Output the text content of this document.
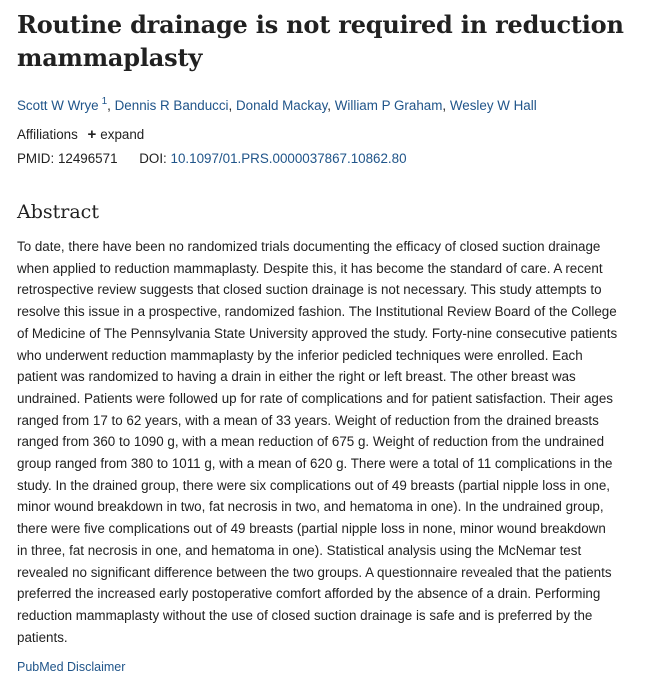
Routine drainage is not required in reduction mammaplasty
Scott W Wrye $^1$, Dennis R Banducci, Donald Mackay, William P Graham, Wesley W Hall
Affiliations + expand
PMID: 12496571 DOI: 10.1097/01.PRS.0000037867.10862.80
Abstract
To date, there have been no randomized trials documenting the efficacy of closed suction drainage
when applied to reduction mammaplasty. Despite this, it has become the standard of care. A recent
retrospective review suggests that closed suction drainage is not necessary. This study attempts to
resolve this issue in a prospective, randomized fashion. The Institutional Review Board of the College
of Medicine of The Pennsylvania State University approved the study. Forty-nine consecutive patients
who underwent reduction mammaplasty by the inferior pedicled techniques were enrolled. Each
patient was randomized to having a drain in either the right or left breast. The other breast was
undrained. Patients were followed up for rate of complications and for patient satisfaction. Their ages
ranged from 17 to 62 years, with a mean of 33 years. Weight of reduction from the drained breasts
ranged from 360 to 1090 g, with a mean reduction of 675 g. Weight of reduction from the undrained
group ranged from 380 to 1011 g, with a mean of 620 g. There were a total of 11 complications in the
study. In the drained group, there were six complications out of 49 breasts (partial nipple loss in one,
minor wound breakdown in two, fat necrosis in two, and hematoma in one). In the undrained group,
there were five complications out of 49 breasts (partial nipple loss in none, minor wound breakdown
in three, fat necrosis in one, and hematoma in one). Statistical analysis using the McNemar test
revealed no significant difference between the two groups. A questionnaire revealed that the patients
preferred the increased early postoperative comfort afforded by the absence of a drain. Performing
reduction mammaplasty without the use of closed suction drainage is safe and is preferred by the
patients.
PubMed Disclaimer
